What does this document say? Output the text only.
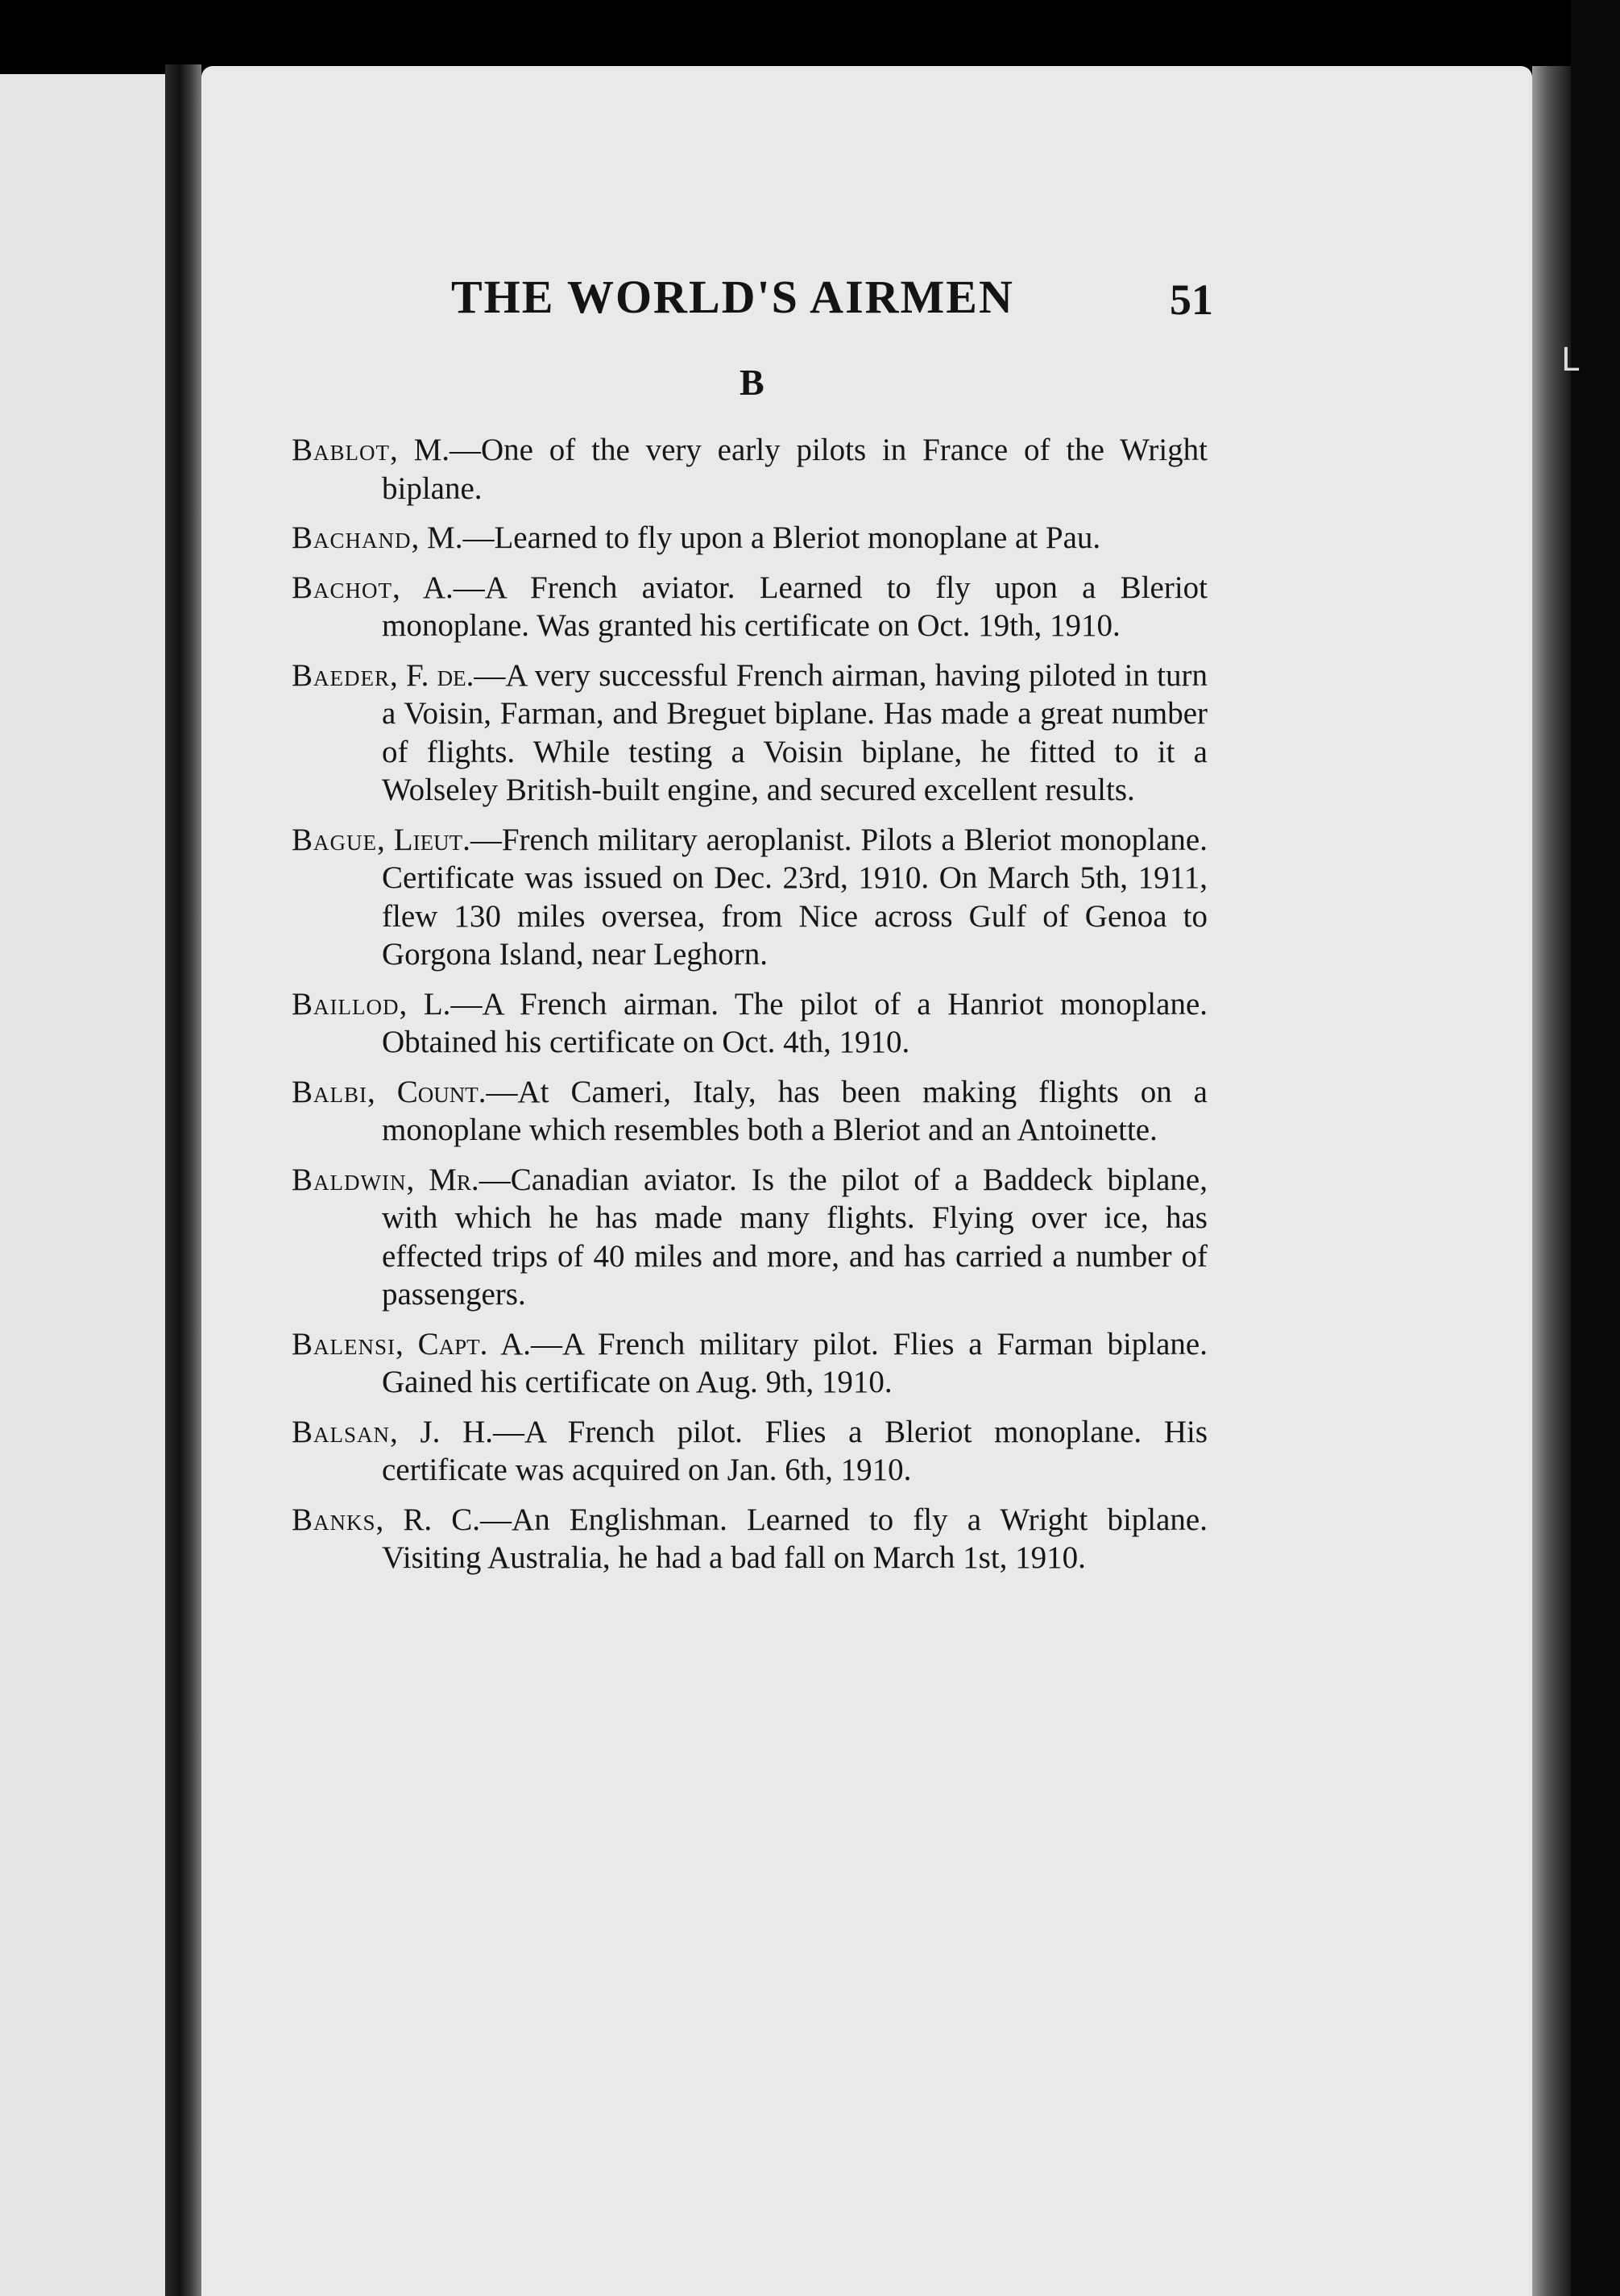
L
THE WORLD'S AIRMEN	51
B

Bablot, M.—One of the very early pilots in France of the Wright biplane.

Bachand, M.—Learned to fly upon a Bleriot monoplane at Pau.

Bachot, A.—A French aviator. Learned to fly upon a Bleriot monoplane. Was granted his certificate on Oct. 19th, 1910.

Baeder, F. de.—A very successful French airman, having piloted in turn a Voisin, Farman, and Breguet biplane. Has made a great number of flights. While testing a Voisin biplane, he fitted to it a Wolseley British-built engine, and secured excellent results.

Bague, Lieut.—French military aeroplanist. Pilots a Bleriot monoplane. Certificate was issued on Dec. 23rd, 1910. On March 5th, 1911, flew 130 miles oversea, from Nice across Gulf of Genoa to Gorgona Island, near Leghorn.

Baillod, L.—A French airman. The pilot of a Hanriot monoplane. Obtained his certificate on Oct. 4th, 1910.

Balbi, Count.—At Cameri, Italy, has been making flights on a monoplane which resembles both a Bleriot and an Antoinette.

Baldwin, Mr.—Canadian aviator. Is the pilot of a Baddeck biplane, with which he has made many flights. Flying over ice, has effected trips of 40 miles and more, and has carried a number of passengers.

Balensi, Capt. A.—A French military pilot. Flies a Farman biplane. Gained his certificate on Aug. 9th, 1910.

Balsan, J. H.—A French pilot. Flies a Bleriot monoplane. His certificate was acquired on Jan. 6th, 1910.

Banks, R. C.—An Englishman. Learned to fly a Wright biplane. Visiting Australia, he had a bad fall on March 1st, 1910.
